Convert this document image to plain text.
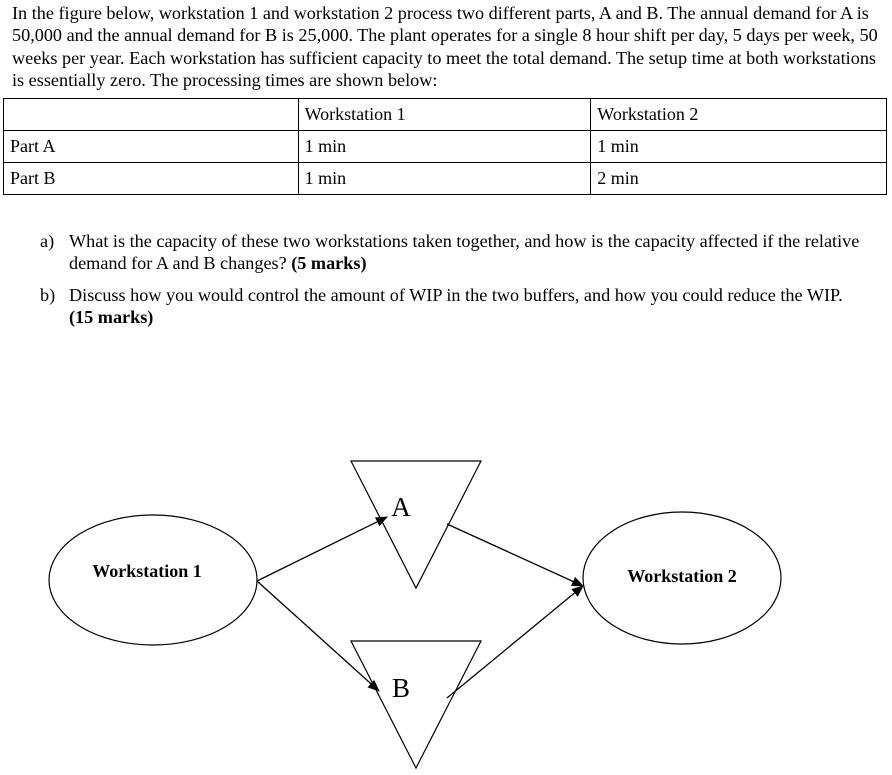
In the figure below, workstation 1 and workstation 2 process two different parts, A and B. The annual demand for A is 50,000 and the annual demand for B is 25,000. The plant operates for a single 8 hour shift per day, 5 days per week, 50 weeks per year. Each workstation has sufficient capacity to meet the total demand. The setup time at both workstations is essentially zero. The processing times are shown below:

	Workstation 1	Workstation 2
Part A	1 min	1 min
Part B	1 min	2 min
a) What is the capacity of these two workstations taken together, and how is the capacity affected if the relative demand for A and B changes? (5 marks)
b) Discuss how you would control the amount of WIP in the two buffers, and how you could reduce the WIP. (15 marks)
Workstation 1	Workstation 2
A
B
